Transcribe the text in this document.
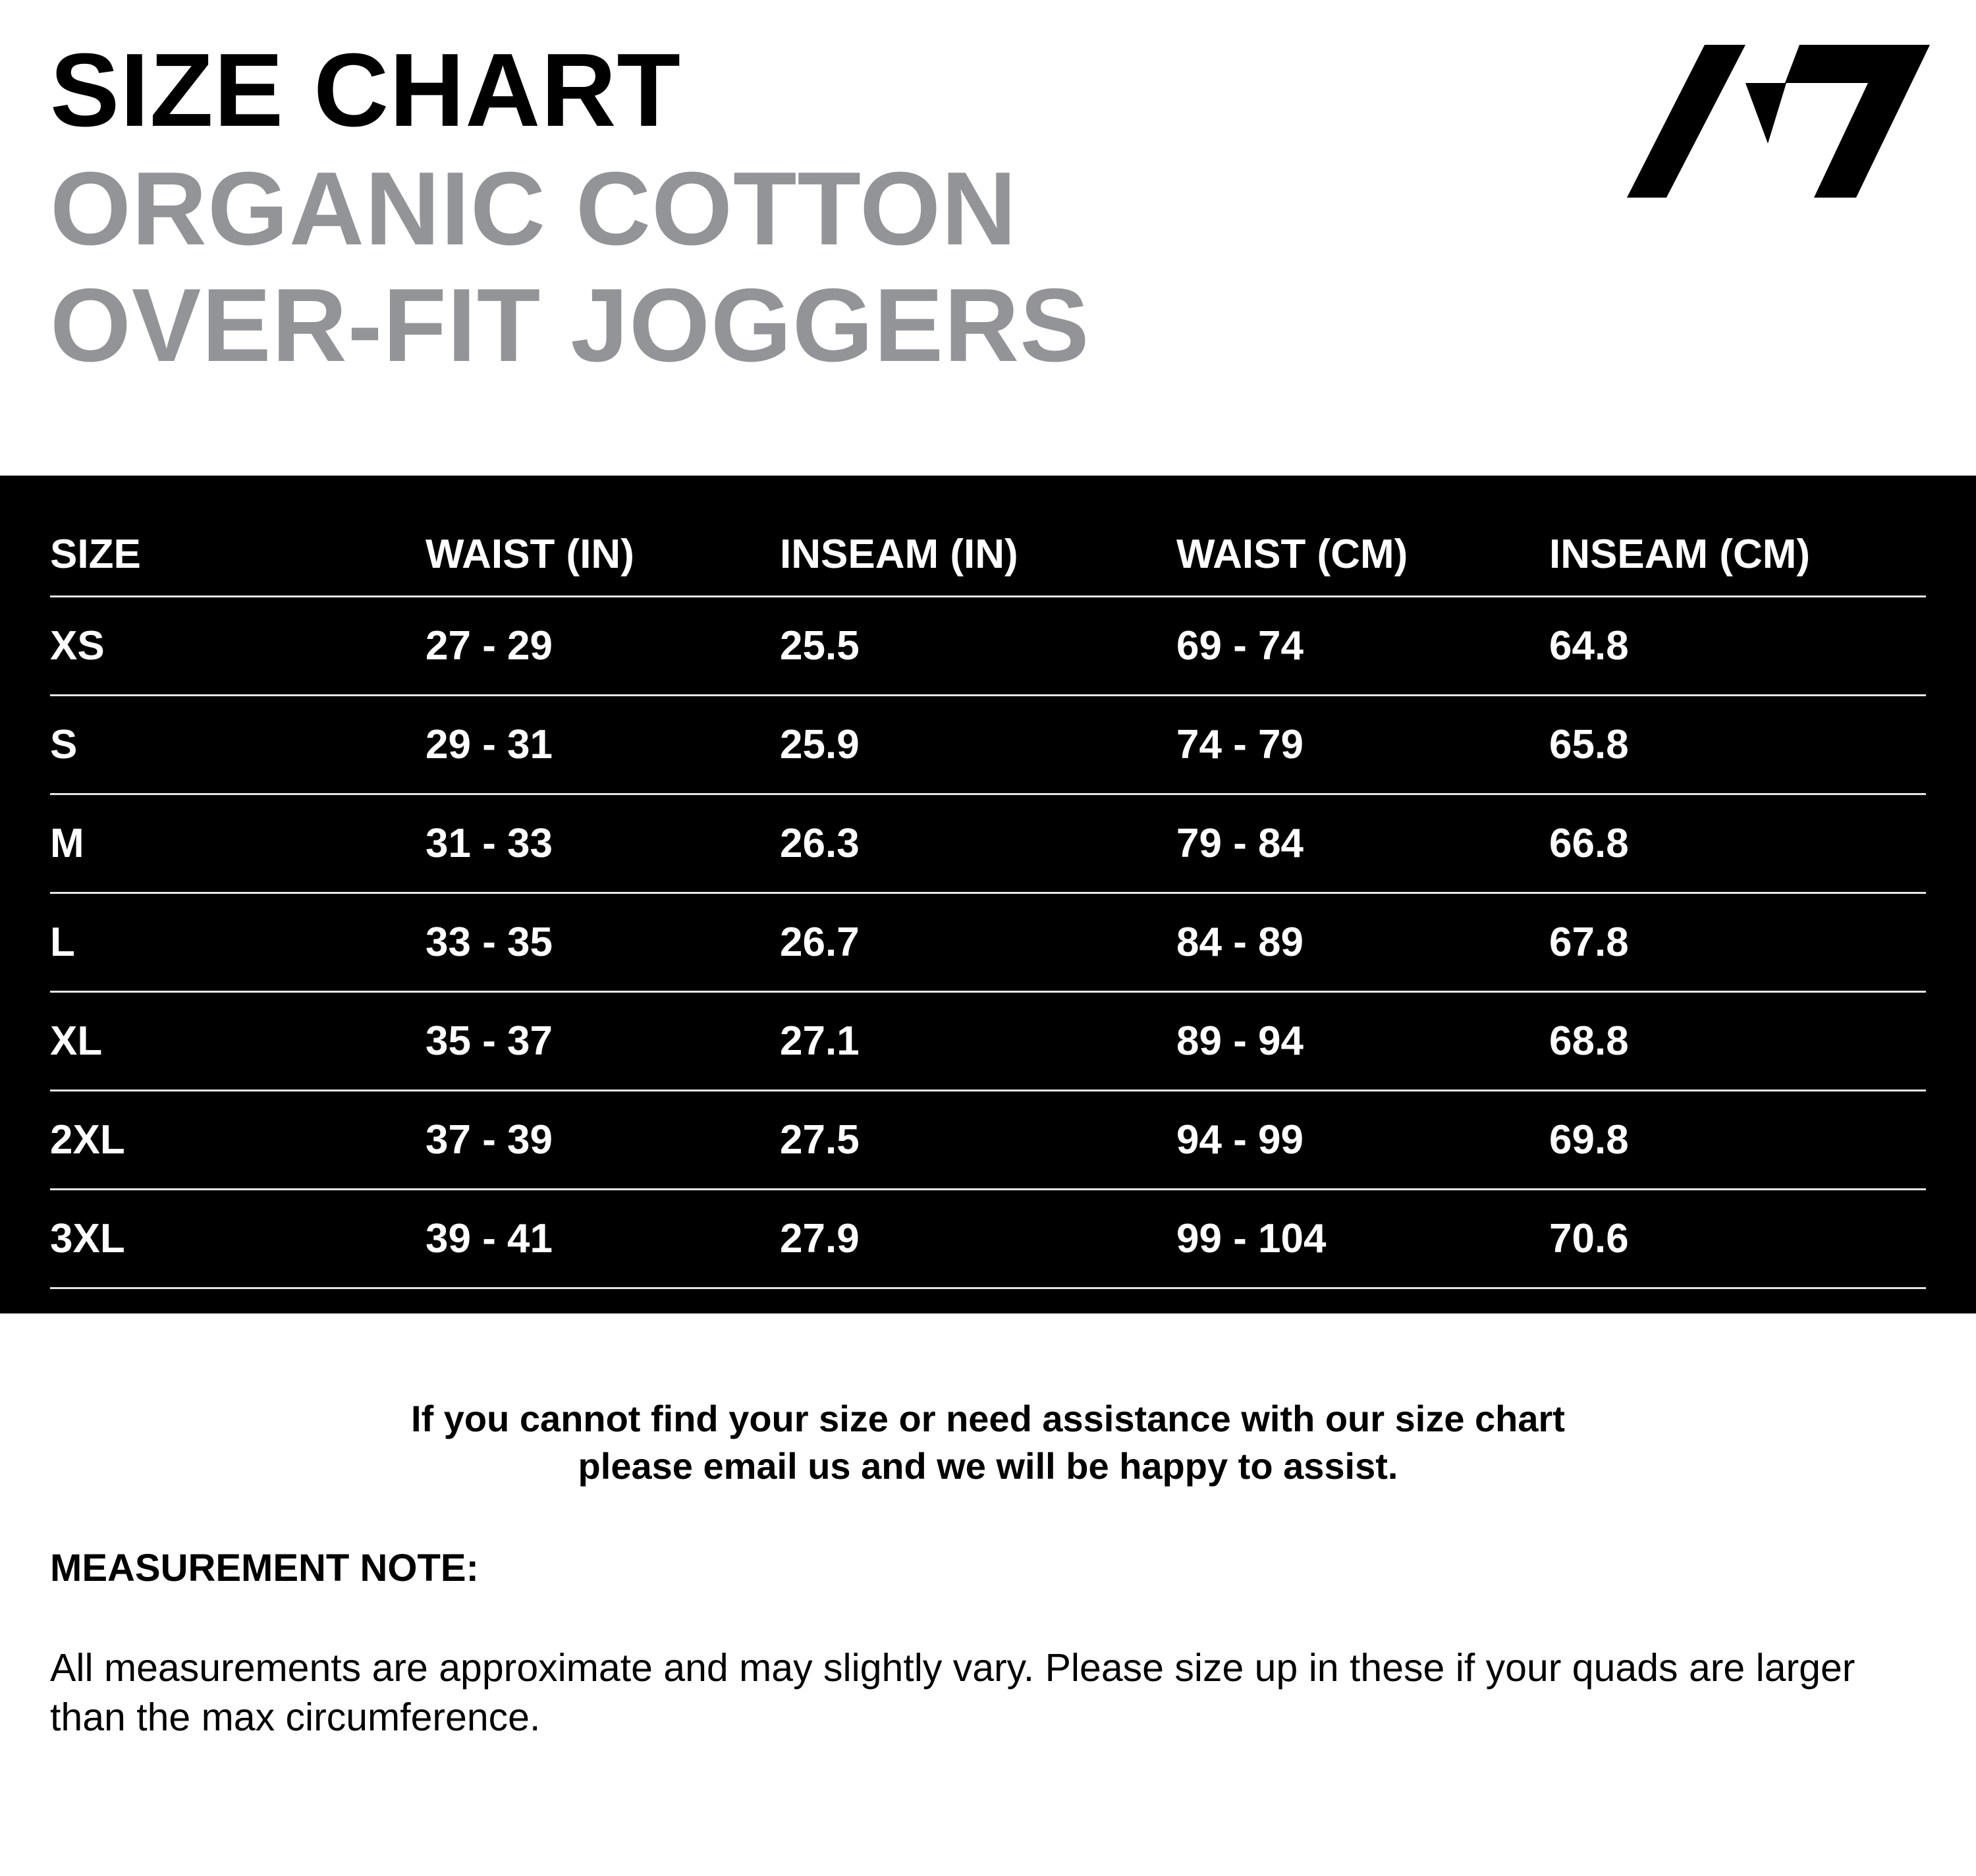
SIZE CHART
ORGANIC COTTON
OVER-FIT JOGGERS
SIZE	WAIST (IN)	INSEAM (IN)	WAIST (CM)	INSEAM (CM)
XS	27 - 29	25.5	69 - 74	64.8
S	29 - 31	25.9	74 - 79	65.8
M	31 - 33	26.3	79 - 84	66.8
L	33 - 35	26.7	84 - 89	67.8
XL	35 - 37	27.1	89 - 94	68.8
2XL	37 - 39	27.5	94 - 99	69.8
3XL	39 - 41	27.9	99 - 104	70.6

If you cannot find your size or need assistance with our size chart
please email us and we will be happy to assist.

MEASUREMENT NOTE:

All measurements are approximate and may slightly vary. Please size up in these if your quads are larger than the max circumference.
